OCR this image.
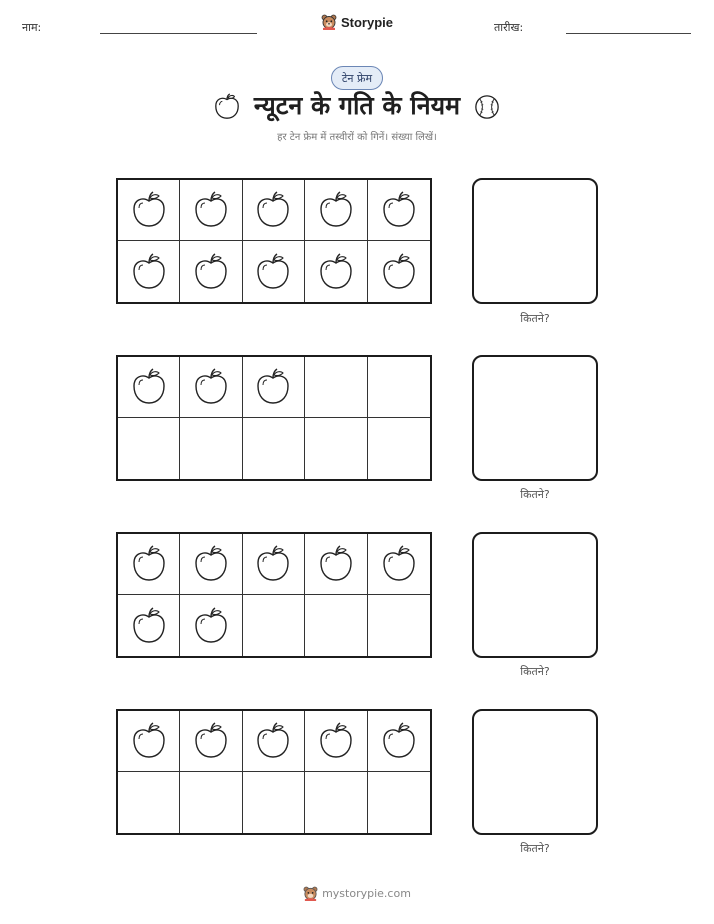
नाम:	Storypie	तारीख:
टेन फ्रेम
न्यूटन के गति के नियम
हर टेन फ्रेम में तस्वीरों को गिनें। संख्या लिखें।
कितने?
कितने?
कितने?
कितने?
mystorypie.com
